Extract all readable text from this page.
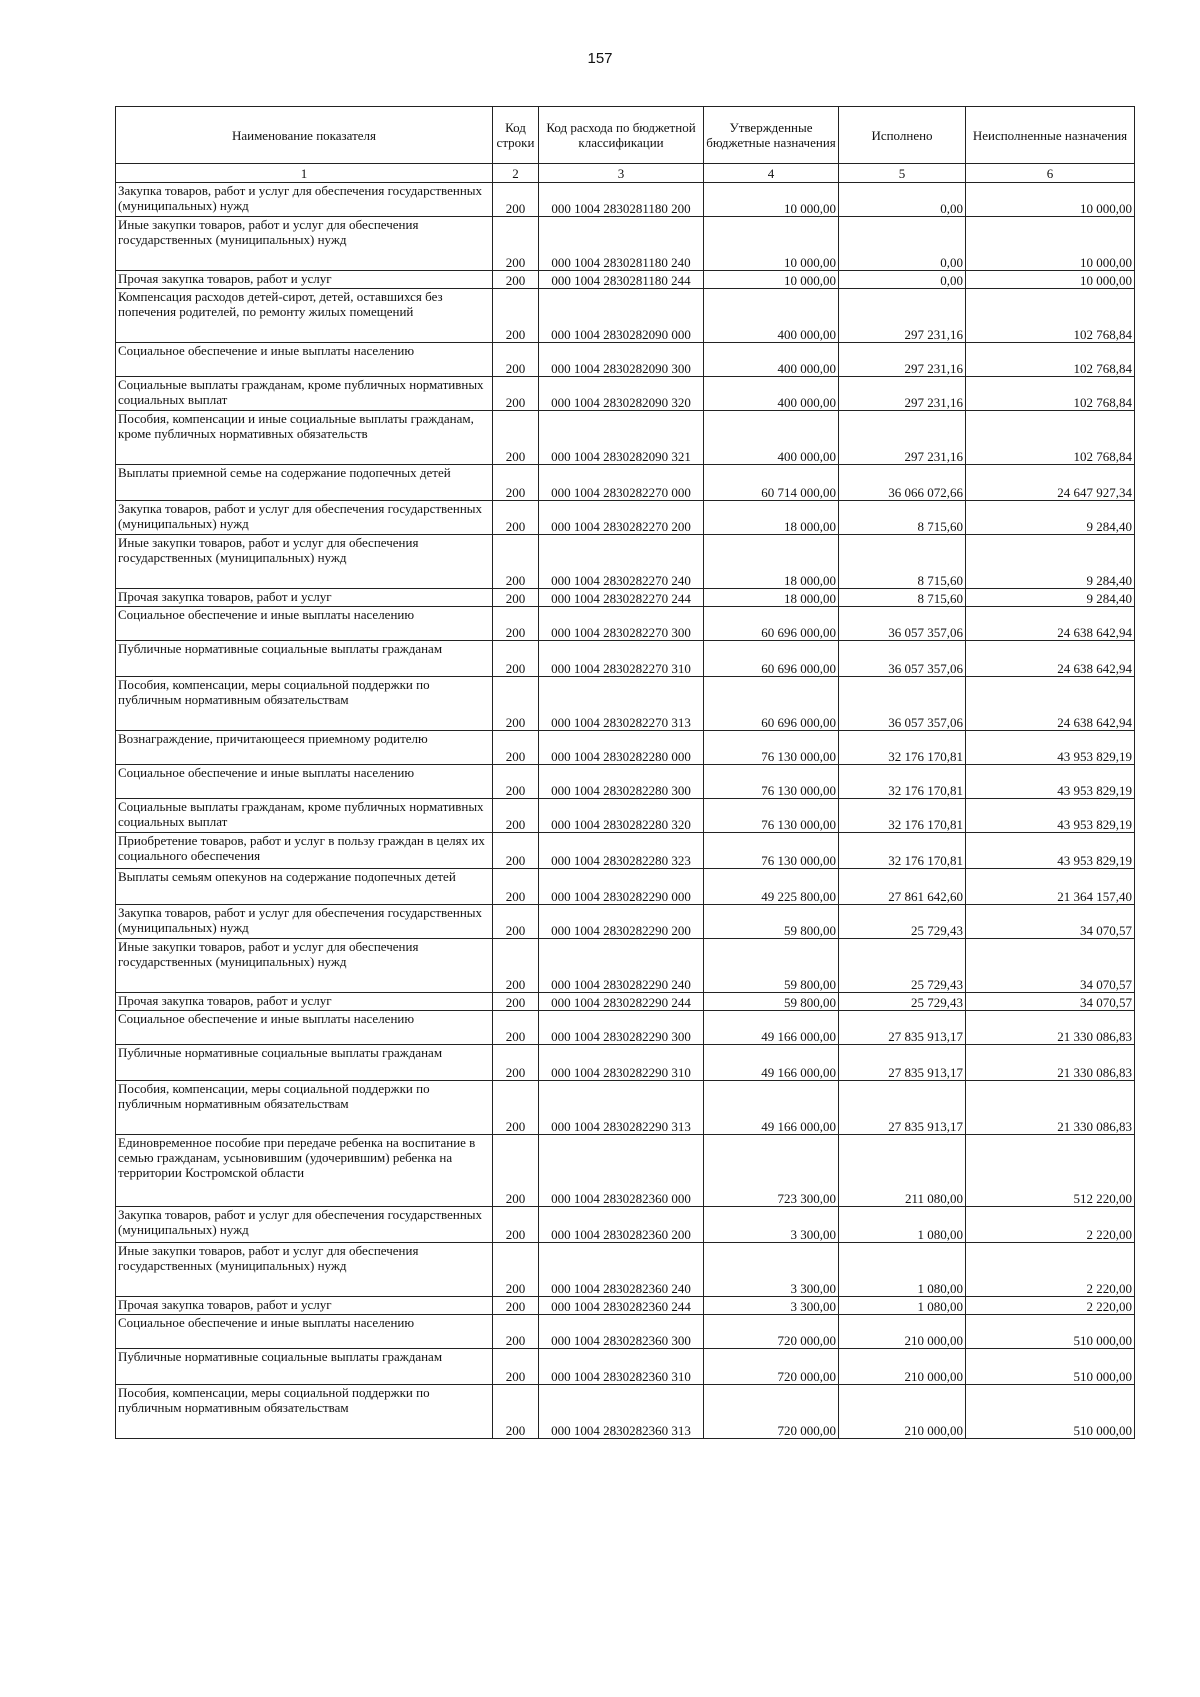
157
Наименование показателя	Код строки	Код расхода по бюджетной классификации	Утвержденные бюджетные назначения	Исполнено	Неисполненные назначения
1	2	3	4	5	6
Закупка товаров, работ и услуг для обеспечения государственных (муниципальных) нужд	200	000 1004 2830281180 200	10 000,00	0,00	10 000,00
Иные закупки товаров, работ и услуг для обеспечения государственных (муниципальных) нужд	200	000 1004 2830281180 240	10 000,00	0,00	10 000,00
Прочая закупка товаров, работ и услуг	200	000 1004 2830281180 244	10 000,00	0,00	10 000,00
Компенсация расходов детей-сирот, детей, оставшихся без попечения родителей, по ремонту жилых помещений	200	000 1004 2830282090 000	400 000,00	297 231,16	102 768,84
Социальное обеспечение и иные выплаты населению	200	000 1004 2830282090 300	400 000,00	297 231,16	102 768,84
Социальные выплаты гражданам, кроме публичных нормативных социальных выплат	200	000 1004 2830282090 320	400 000,00	297 231,16	102 768,84
Пособия, компенсации и иные социальные выплаты гражданам, кроме публичных нормативных обязательств	200	000 1004 2830282090 321	400 000,00	297 231,16	102 768,84
Выплаты приемной семье на содержание подопечных детей	200	000 1004 2830282270 000	60 714 000,00	36 066 072,66	24 647 927,34
Закупка товаров, работ и услуг для обеспечения государственных (муниципальных) нужд	200	000 1004 2830282270 200	18 000,00	8 715,60	9 284,40
Иные закупки товаров, работ и услуг для обеспечения государственных (муниципальных) нужд	200	000 1004 2830282270 240	18 000,00	8 715,60	9 284,40
Прочая закупка товаров, работ и услуг	200	000 1004 2830282270 244	18 000,00	8 715,60	9 284,40
Социальное обеспечение и иные выплаты населению	200	000 1004 2830282270 300	60 696 000,00	36 057 357,06	24 638 642,94
Публичные нормативные социальные выплаты гражданам	200	000 1004 2830282270 310	60 696 000,00	36 057 357,06	24 638 642,94
Пособия, компенсации, меры социальной поддержки по публичным нормативным обязательствам	200	000 1004 2830282270 313	60 696 000,00	36 057 357,06	24 638 642,94
Вознаграждение, причитающееся приемному родителю	200	000 1004 2830282280 000	76 130 000,00	32 176 170,81	43 953 829,19
Социальное обеспечение и иные выплаты населению	200	000 1004 2830282280 300	76 130 000,00	32 176 170,81	43 953 829,19
Социальные выплаты гражданам, кроме публичных нормативных социальных выплат	200	000 1004 2830282280 320	76 130 000,00	32 176 170,81	43 953 829,19
Приобретение товаров, работ и услуг в пользу граждан в целях их социального обеспечения	200	000 1004 2830282280 323	76 130 000,00	32 176 170,81	43 953 829,19
Выплаты семьям опекунов на содержание подопечных детей	200	000 1004 2830282290 000	49 225 800,00	27 861 642,60	21 364 157,40
Закупка товаров, работ и услуг для обеспечения государственных (муниципальных) нужд	200	000 1004 2830282290 200	59 800,00	25 729,43	34 070,57
Иные закупки товаров, работ и услуг для обеспечения государственных (муниципальных) нужд	200	000 1004 2830282290 240	59 800,00	25 729,43	34 070,57
Прочая закупка товаров, работ и услуг	200	000 1004 2830282290 244	59 800,00	25 729,43	34 070,57
Социальное обеспечение и иные выплаты населению	200	000 1004 2830282290 300	49 166 000,00	27 835 913,17	21 330 086,83
Публичные нормативные социальные выплаты гражданам	200	000 1004 2830282290 310	49 166 000,00	27 835 913,17	21 330 086,83
Пособия, компенсации, меры социальной поддержки по публичным нормативным обязательствам	200	000 1004 2830282290 313	49 166 000,00	27 835 913,17	21 330 086,83
Единовременное пособие при передаче ребенка на воспитание в семью гражданам, усыновившим (удочерившим) ребенка на территории Костромской области	200	000 1004 2830282360 000	723 300,00	211 080,00	512 220,00
Закупка товаров, работ и услуг для обеспечения государственных (муниципальных) нужд	200	000 1004 2830282360 200	3 300,00	1 080,00	2 220,00
Иные закупки товаров, работ и услуг для обеспечения государственных (муниципальных) нужд	200	000 1004 2830282360 240	3 300,00	1 080,00	2 220,00
Прочая закупка товаров, работ и услуг	200	000 1004 2830282360 244	3 300,00	1 080,00	2 220,00
Социальное обеспечение и иные выплаты населению	200	000 1004 2830282360 300	720 000,00	210 000,00	510 000,00
Публичные нормативные социальные выплаты гражданам	200	000 1004 2830282360 310	720 000,00	210 000,00	510 000,00
Пособия, компенсации, меры социальной поддержки по публичным нормативным обязательствам	200	000 1004 2830282360 313	720 000,00	210 000,00	510 000,00
